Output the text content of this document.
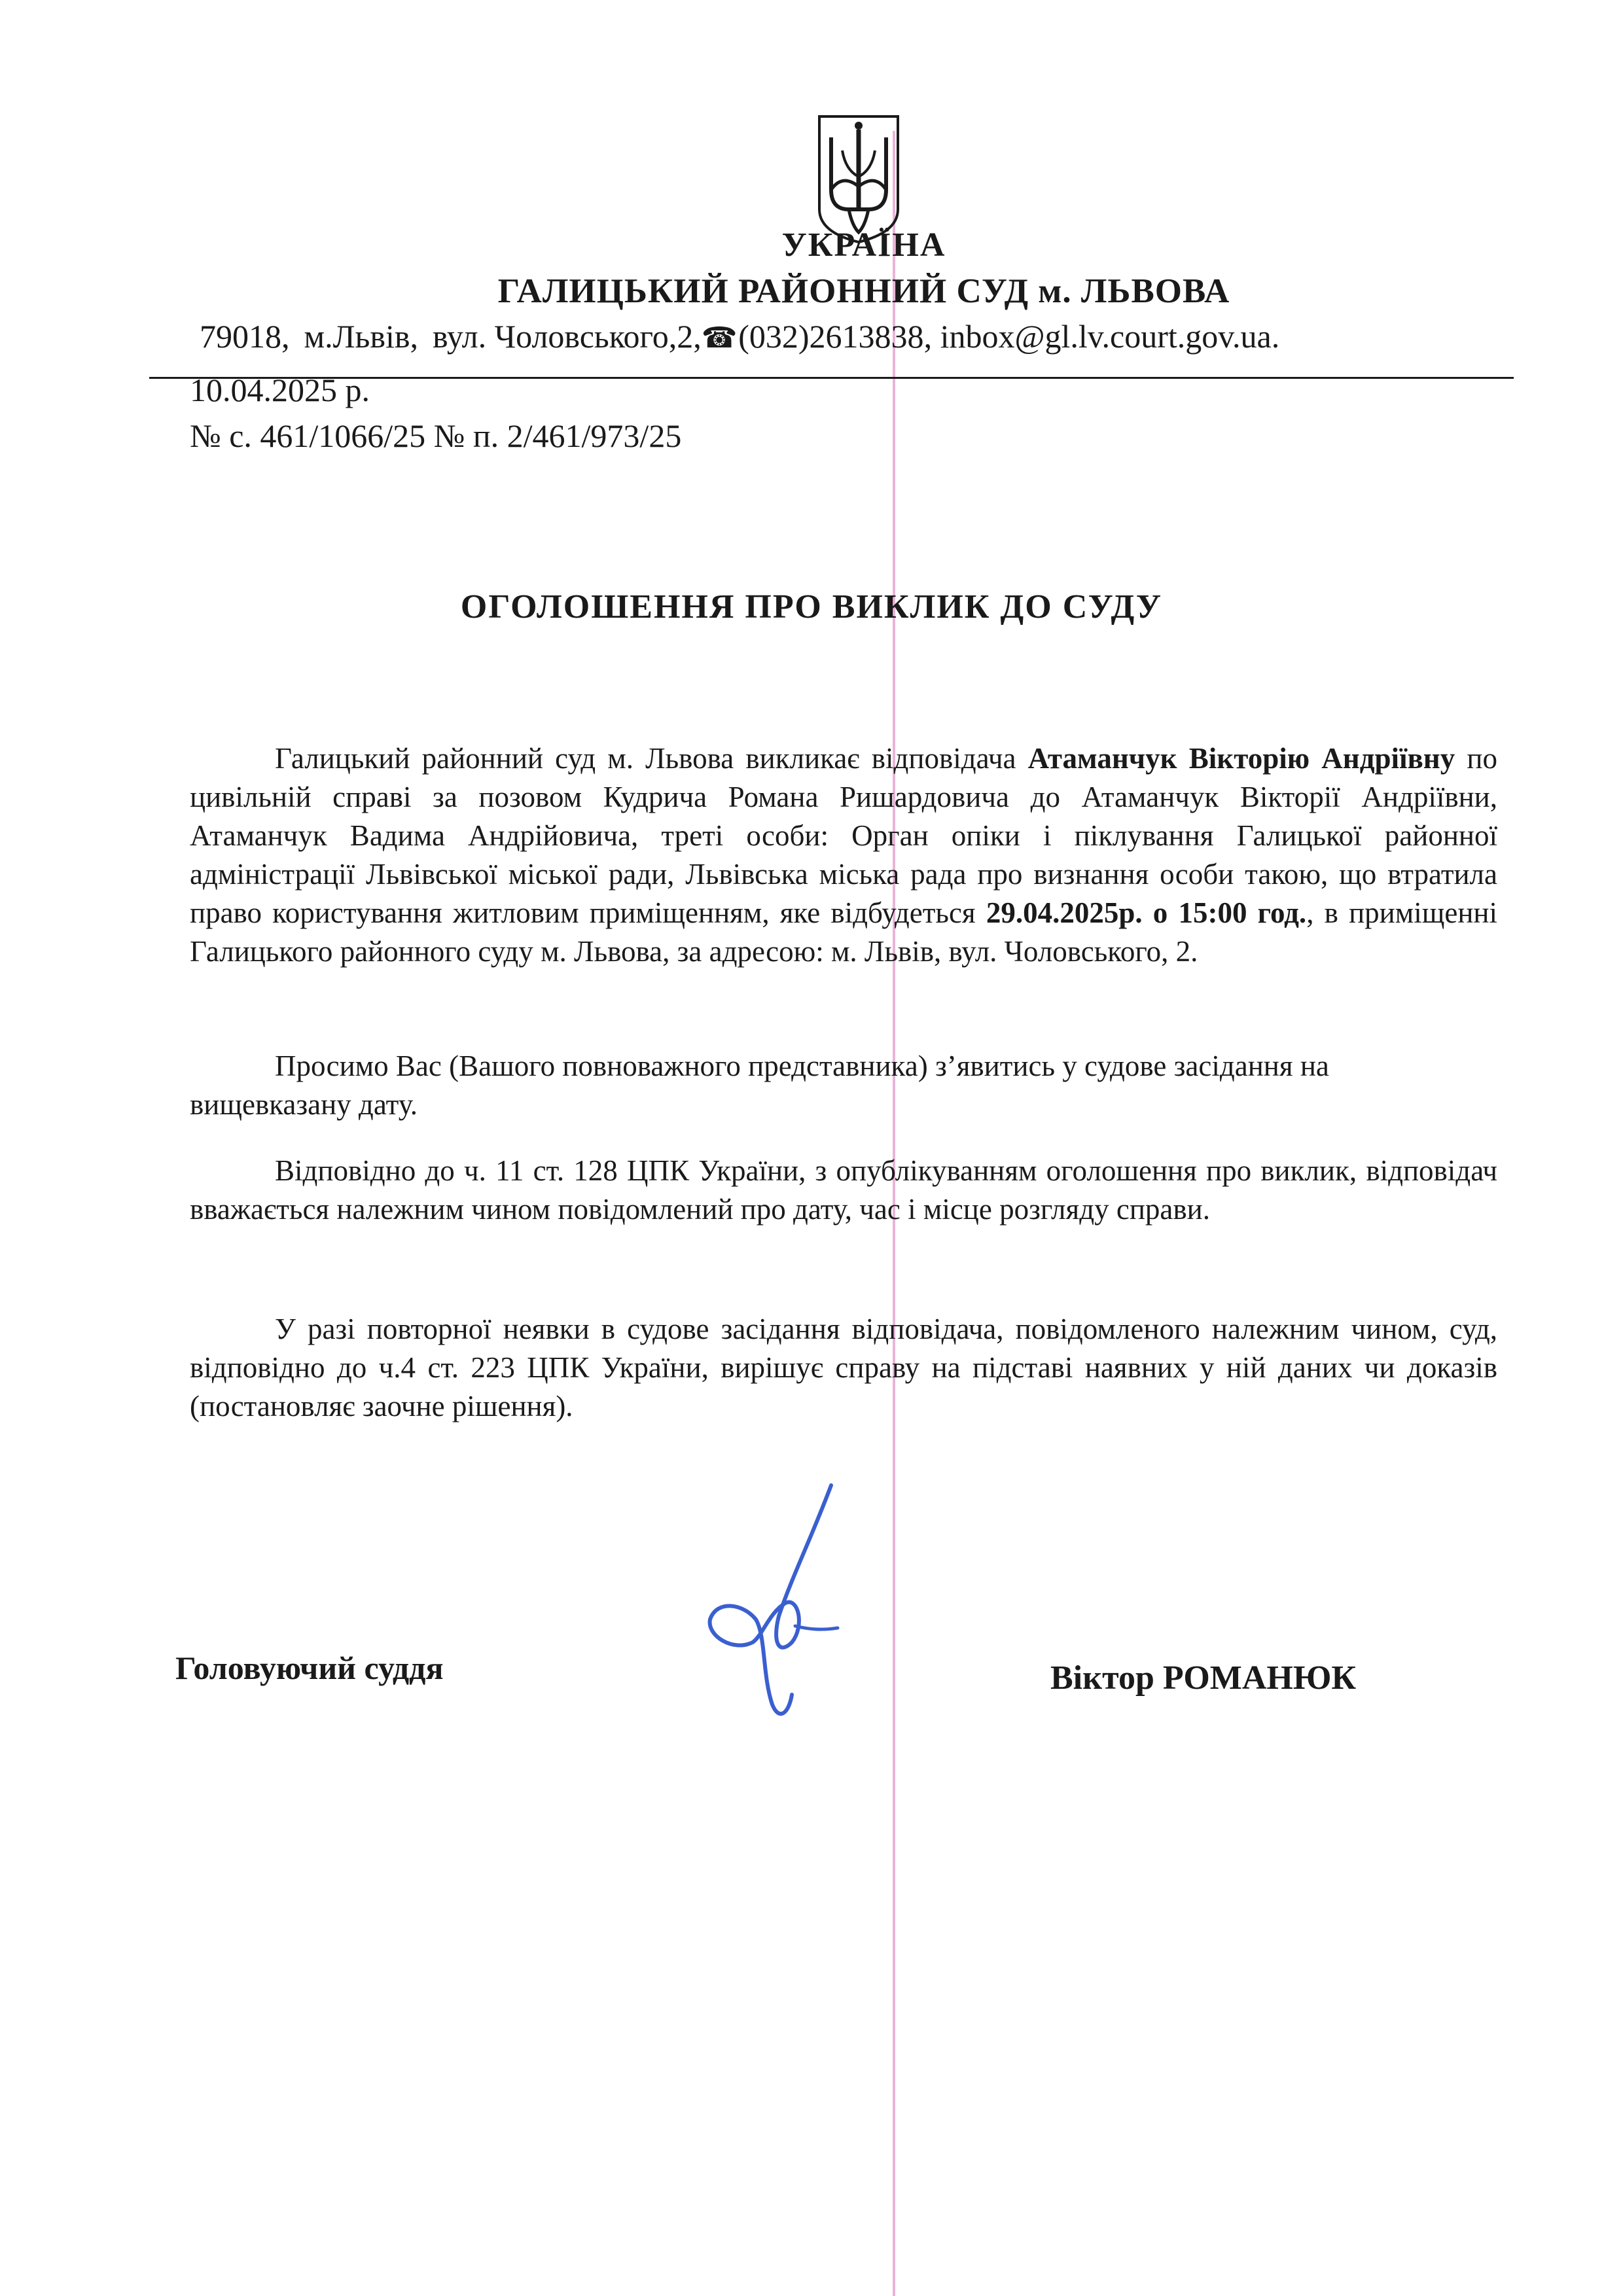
УКРАЇНА
ГАЛИЦЬКИЙ РАЙОННИЙ СУД м. ЛЬВОВА
79018, м.Львів, вул. Чоловського,2,☎ (032)2613838, inbox@gl.lv.court.gov.ua.
10.04.2025 р.
№ с. 461/1066/25 № п. 2/461/973/25
ОГОЛОШЕННЯ ПРО ВИКЛИК ДО СУДУ
Галицький районний суд м. Львова викликає відповідача Атаманчук Вікторію Андріївну по цивільній справі за позовом Кудрича Романа Ришардовича до Атаманчук Вікторії Андріївни, Атаманчук Вадима Андрійовича, треті особи: Орган опіки і піклування Галицької районної адміністрації Львівської міської ради, Львівська міська рада про визнання особи такою, що втратила право користування житловим приміщенням, яке відбудеться 29.04.2025р. о 15:00 год., в приміщенні Галицького районного суду м. Львова, за адресою: м. Львів, вул. Чоловського, 2.
Просимо Вас (Вашого повноважного представника) з’явитись у судове засідання на вищевказану дату.
Відповідно до ч. 11 ст. 128 ЦПК України, з опублікуванням оголошення про виклик, відповідач вважається належним чином повідомлений про дату, час і місце розгляду справи.
У разі повторної неявки в судове засідання відповідача, повідомленого належним чином, суд, відповідно до ч.4 ст. 223 ЦПК України, вирішує справу на підставі наявних у ній даних чи доказів (постановляє заочне рішення).
Головуючий суддя	Віктор РОМАНЮК
